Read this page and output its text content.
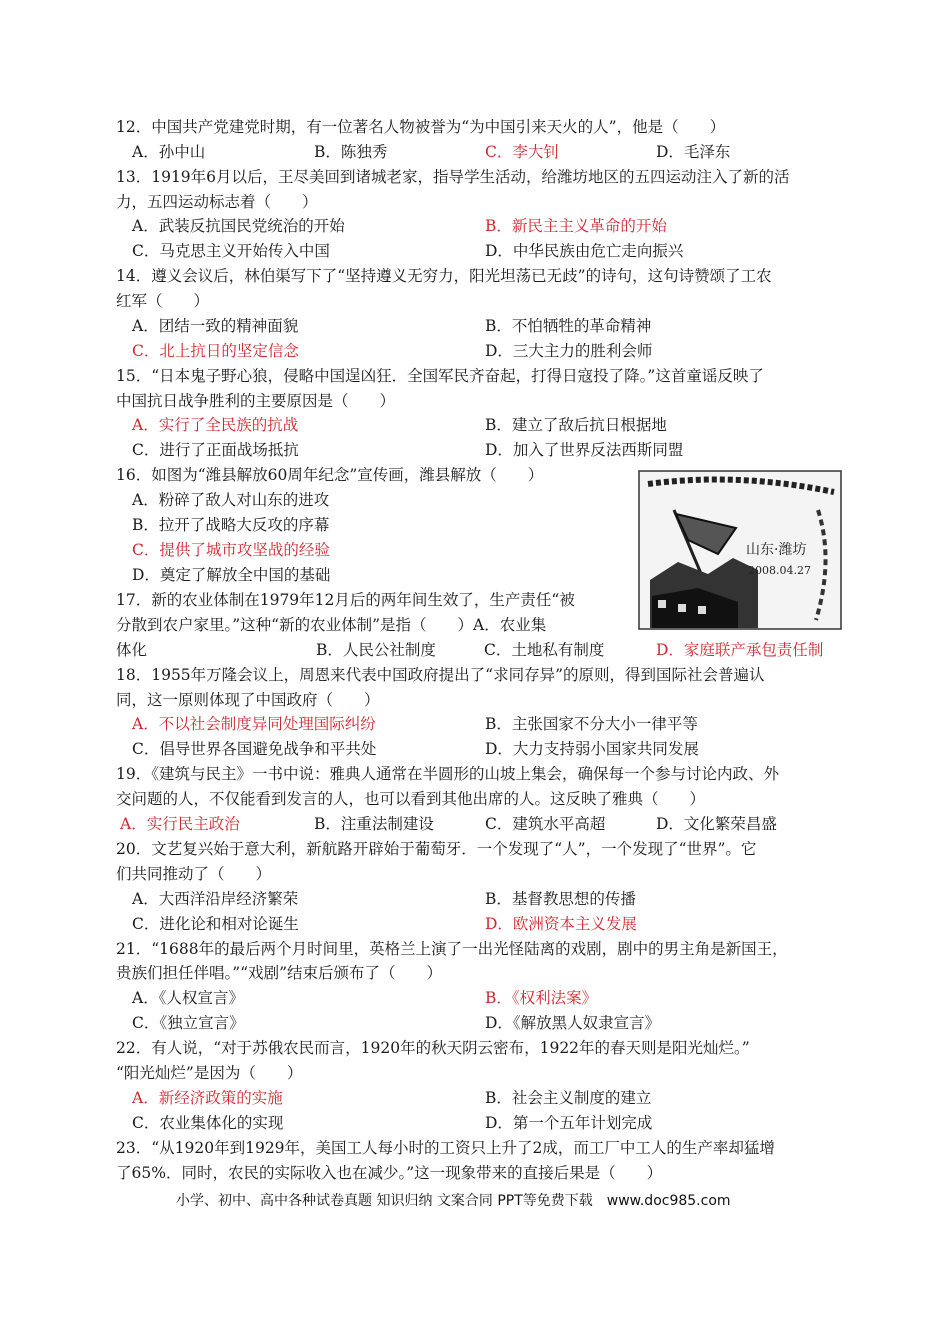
12．中国共产党建党时期，有一位著名人物被誉为“为中国引来天火的人”，他是（　　）
A．孙中山	B．陈独秀	C．李大钊	D．毛泽东
13．1919年6月以后，王尽美回到诸城老家，指导学生活动，给潍坊地区的五四运动注入了新的活
力，五四运动标志着（　　）
A．武装反抗国民党统治的开始	B．新民主主义革命的开始
C．马克思主义开始传入中国	D．中华民族由危亡走向振兴
14．遵义会议后，林伯渠写下了“坚持遵义无穷力，阳光坦荡已无歧”的诗句，这句诗赞颂了工农
红军（　　）
A．团结一致的精神面貌	B．不怕牺牲的革命精神
C．北上抗日的坚定信念	D．三大主力的胜利会师
15．“日本鬼子野心狼，侵略中国逞凶狂．全国军民齐奋起，打得日寇投了降。”这首童谣反映了
中国抗日战争胜利的主要原因是（　　）
A．实行了全民族的抗战	B．建立了敌后抗日根据地
C．进行了正面战场抵抗	D．加入了世界反法西斯同盟
16．如图为“潍县解放60周年纪念”宣传画，潍县解放（　　）
A．粉碎了敌人对山东的进攻
B．拉开了战略大反攻的序幕
C．提供了城市攻坚战的经验
D．奠定了解放全中国的基础
山东·潍坊
2008.04.27
17．新的农业体制在1979年12月后的两年间生效了，生产责任“被
分散到农户家里。”这种“新的农业体制”是指（　　）A．农业集
体化	B．人民公社制度	C．土地私有制度	D．家庭联产承包责任制
18．1955年万隆会议上，周恩来代表中国政府提出了“求同存异”的原则，得到国际社会普遍认
同，这一原则体现了中国政府（　　）
A．不以社会制度异同处理国际纠纷	B．主张国家不分大小一律平等
C．倡导世界各国避免战争和平共处	D．大力支持弱小国家共同发展
19．《建筑与民主》一书中说：雅典人通常在半圆形的山坡上集会，确保每一个参与讨论内政、外
交问题的人，不仅能看到发言的人，也可以看到其他出席的人。这反映了雅典（　　）
A．实行民主政治	B．注重法制建设	C．建筑水平高超	D．文化繁荣昌盛
20．文艺复兴始于意大利，新航路开辟始于葡萄牙．一个发现了“人”，一个发现了“世界”。它
们共同推动了（　　）
A．大西洋沿岸经济繁荣	B．基督教思想的传播
C．进化论和相对论诞生	D．欧洲资本主义发展
21．“1688年的最后两个月时间里，英格兰上演了一出光怪陆离的戏剧，剧中的男主角是新国王，
贵族们担任伴唱。”“戏剧”结束后颁布了（　　）
A．《人权宣言》	B．《权利法案》
C．《独立宣言》	D．《解放黑人奴隶宣言》
22．有人说，“对于苏俄农民而言，1920年的秋天阴云密布，1922年的春天则是阳光灿烂。”
“阳光灿烂”是因为（　　）
A．新经济政策的实施	B．社会主义制度的建立
C．农业集体化的实现	D．第一个五年计划完成
23．“从1920年到1929年，美国工人每小时的工资只上升了2成，而工厂中工人的生产率却猛增
了65%．同时，农民的实际收入也在减少。”这一现象带来的直接后果是（　　）
小学、初中、高中各种试卷真题 知识归纳 文案合同 PPT等免费下载　www.doc985.com
